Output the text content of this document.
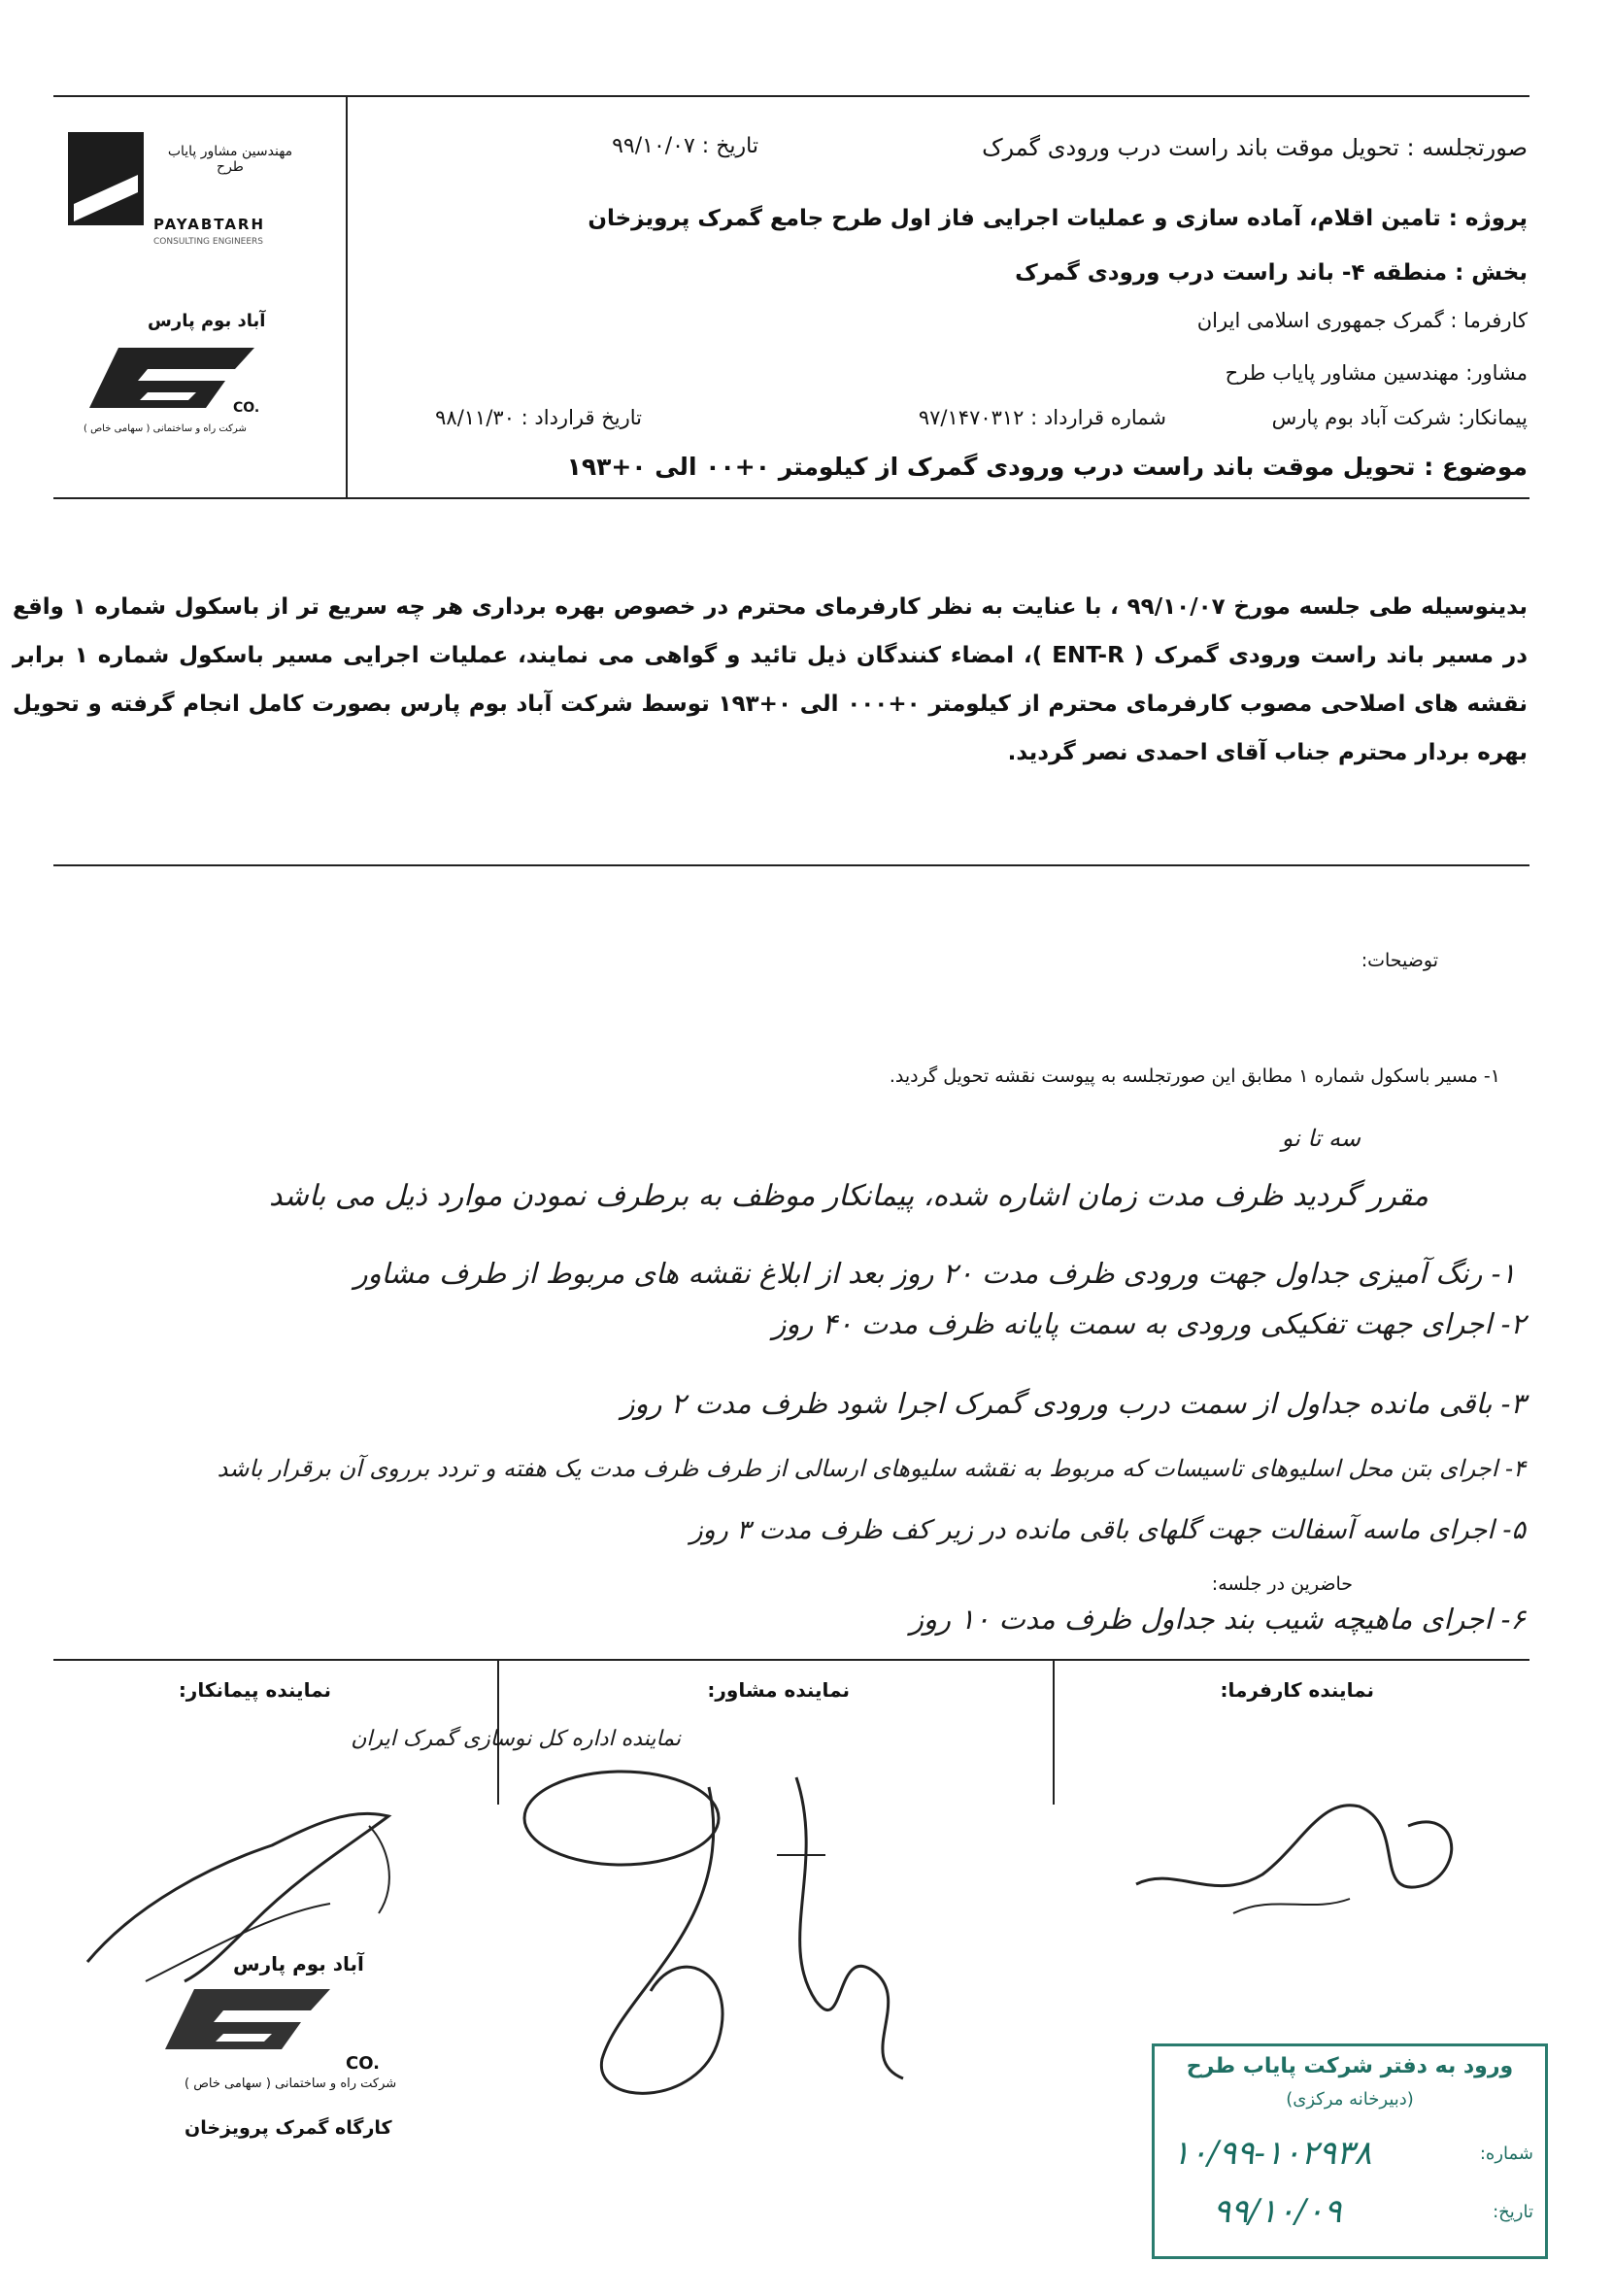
مهندسین مشاور پایاب طرح
PAYABTARH
CONSULTING ENGINEERS
آباد بوم پارس
CO.
شرکت راه و ساختمانی ( سهامی خاص )
صورتجلسه : تحویل موقت باند راست درب ورودی گمرک
تاریخ : ۹۹/۱۰/۰۷
پروژه : تامین اقلام، آماده سازی و عملیات اجرایی فاز اول طرح جامع گمرک پرویزخان
بخش : منطقه ۴- باند راست درب ورودی گمرک
کارفرما : گمرک جمهوری اسلامی ایران
مشاور: مهندسین مشاور پایاب طرح
پیمانکار: شرکت آباد بوم پارس
شماره قرارداد : ۹۷/۱۴۷۰۳۱۲
تاریخ قرارداد : ۹۸/۱۱/۳۰
موضوع : تحویل موقت باند راست درب ورودی گمرک از کیلومتر ۰+۰۰ الی ۰+۱۹۳
بدینوسیله طی جلسه مورخ ۹۹/۱۰/۰۷ ، با عنایت به نظر کارفرمای محترم در خصوص بهره برداری هر چه سریع تر از باسکول شماره ۱ واقع در مسیر باند راست ورودی گمرک ( ENT-R )، امضاء کنندگان ذیل تائید و گواهی می نمایند، عملیات اجرایی مسیر باسکول شماره ۱ برابر نقشه های اصلاحی مصوب کارفرمای محترم از کیلومتر ۰+۰۰۰ الی ۰+۱۹۳ توسط شرکت آباد بوم پارس بصورت کامل انجام گرفته و تحویل بهره بردار محترم جناب آقای احمدی نصر گردید.
توضیحات:
۱- مسیر باسکول شماره ۱ مطابق این صورتجلسه به پیوست نقشه تحویل گردید.
سه تا نو
مقرر گردید ظرف مدت زمان اشاره شده، پیمانکار موظف به برطرف نمودن موارد ذیل می باشد
۱- رنگ آمیزی جداول جهت ورودی ظرف مدت ۲۰ روز بعد از ابلاغ نقشه های مربوط از طرف مشاور
۲- اجرای جهت تفکیکی ورودی به سمت پایانه ظرف مدت ۴۰ روز
۳- باقی مانده جداول از سمت درب ورودی گمرک اجرا شود ظرف مدت ۲ روز
۴- اجرای بتن محل اسلیوهای تاسیسات که مربوط به نقشه سلیوهای ارسالی از طرف ظرف مدت یک هفته و تردد برروی آن برقرار باشد
۵- اجرای ماسه آسفالت جهت گلهای باقی مانده در زیر کف ظرف مدت ۳ روز
حاضرین در جلسه:
۶- اجرای ماهیچه شیب بند جداول ظرف مدت ۱۰ روز
نماینده کارفرما:
نماینده مشاور:
نماینده پیمانکار:
نماینده اداره کل نوسازی گمرک ایران
آباد بوم پارس
CO.
شرکت راه و ساختمانی ( سهامی خاص )
کارگاه گمرک پرویزخان
ورود به دفتر شرکت پایاب طرح
(دبیرخانه مرکزی)
شماره:
۱۰/۹۹-۱۰۲۹۳۸
تاریخ:
۹۹/۱۰/۰۹
